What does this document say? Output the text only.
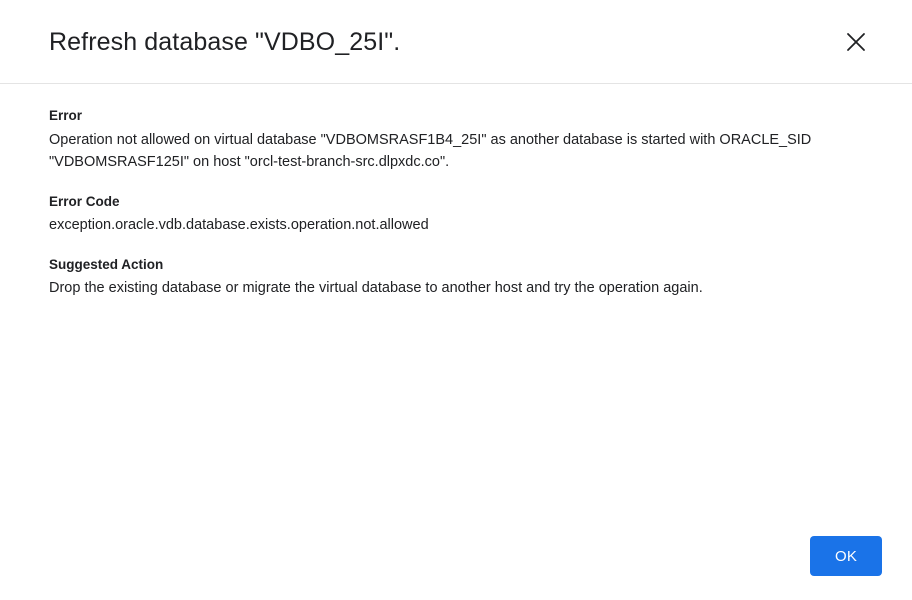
Refresh database "VDBO_25I".
Error
Operation not allowed on virtual database "VDBOMSRASF1B4_25I" as another database is started with ORACLE_SID "VDBOMSRASF125I" on host "orcl-test-branch-src.dlpxdc.co".
Error Code
exception.oracle.vdb.database.exists.operation.not.allowed
Suggested Action
Drop the existing database or migrate the virtual database to another host and try the operation again.
OK
